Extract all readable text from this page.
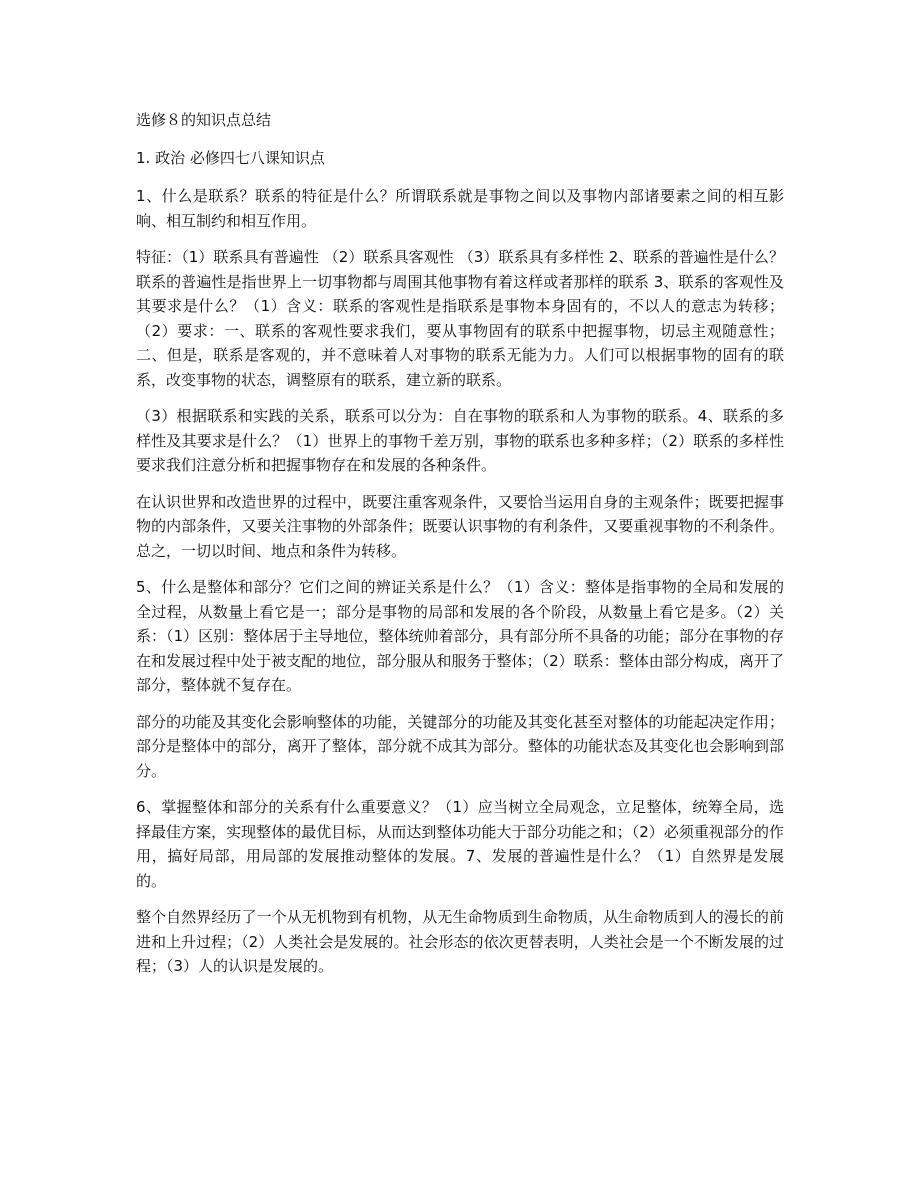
选修８的知识点总结
1. 政治 必修四七八课知识点

1、什么是联系？联系的特征是什么？所谓联系就是事物之间以及事物内部诸要素之间的相互影响、相互制约和相互作用。

特征：（1）联系具有普遍性 （2）联系具客观性 （3）联系具有多样性 2、联系的普遍性是什么？联系的普遍性是指世界上一切事物都与周围其他事物有着这样或者那样的联系 3、联系的客观性及其要求是什么？（1）含义：联系的客观性是指联系是事物本身固有的，不以人的意志为转移；（2）要求：一、联系的客观性要求我们，要从事物固有的联系中把握事物，切忌主观随意性；二、但是，联系是客观的，并不意味着人对事物的联系无能为力。人们可以根据事物的固有的联系，改变事物的状态，调整原有的联系，建立新的联系。

（3）根据联系和实践的关系，联系可以分为：自在事物的联系和人为事物的联系。4、联系的多样性及其要求是什么？（1）世界上的事物千差万别，事物的联系也多种多样；（2）联系的多样性要求我们注意分析和把握事物存在和发展的各种条件。

在认识世界和改造世界的过程中，既要注重客观条件，又要恰当运用自身的主观条件；既要把握事物的内部条件，又要关注事物的外部条件；既要认识事物的有利条件，又要重视事物的不利条件。总之，一切以时间、地点和条件为转移。

5、什么是整体和部分？它们之间的辨证关系是什么？（1）含义：整体是指事物的全局和发展的全过程，从数量上看它是一；部分是事物的局部和发展的各个阶段，从数量上看它是多。（2）关系：（1）区别：整体居于主导地位，整体统帅着部分，具有部分所不具备的功能；部分在事物的存在和发展过程中处于被支配的地位，部分服从和服务于整体；（2）联系：整体由部分构成，离开了部分，整体就不复存在。

部分的功能及其变化会影响整体的功能，关键部分的功能及其变化甚至对整体的功能起决定作用；部分是整体中的部分，离开了整体，部分就不成其为部分。整体的功能状态及其变化也会影响到部分。

6、掌握整体和部分的关系有什么重要意义？（1）应当树立全局观念，立足整体，统筹全局，选择最佳方案，实现整体的最优目标，从而达到整体功能大于部分功能之和；（2）必须重视部分的作用，搞好局部，用局部的发展推动整体的发展。7、发展的普遍性是什么？（1）自然界是发展的。

整个自然界经历了一个从无机物到有机物，从无生命物质到生命物质，从生命物质到人的漫长的前进和上升过程；（2）人类社会是发展的。社会形态的依次更替表明，人类社会是一个不断发展的过程；（3）人的认识是发展的。
